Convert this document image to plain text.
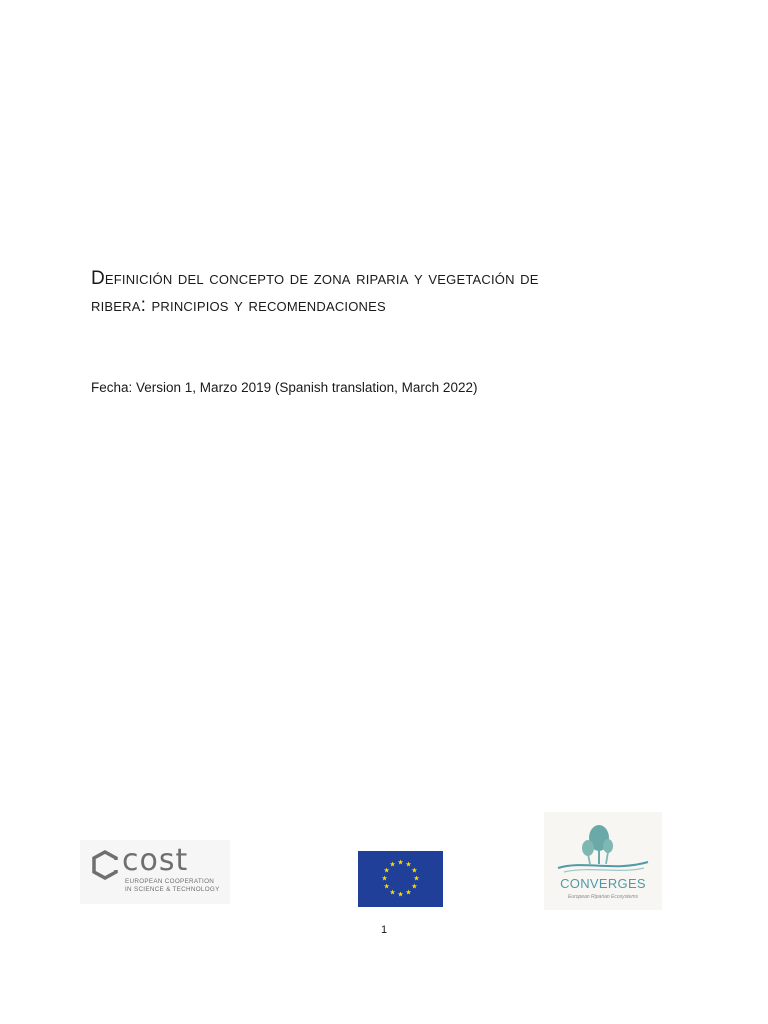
Definición del concepto de zona riparia y vegetación de
ribera: principios y recomendaciones

Fecha: Version 1, Marzo 2019 (Spanish translation, March 2022)

cost
EUROPEAN COOPERATION
IN SCIENCE & TECHNOLOGY
★ ★
★
★
★
★
★
★
★
★
★
★
CONVERGES
European Riparian Ecosystems
1
